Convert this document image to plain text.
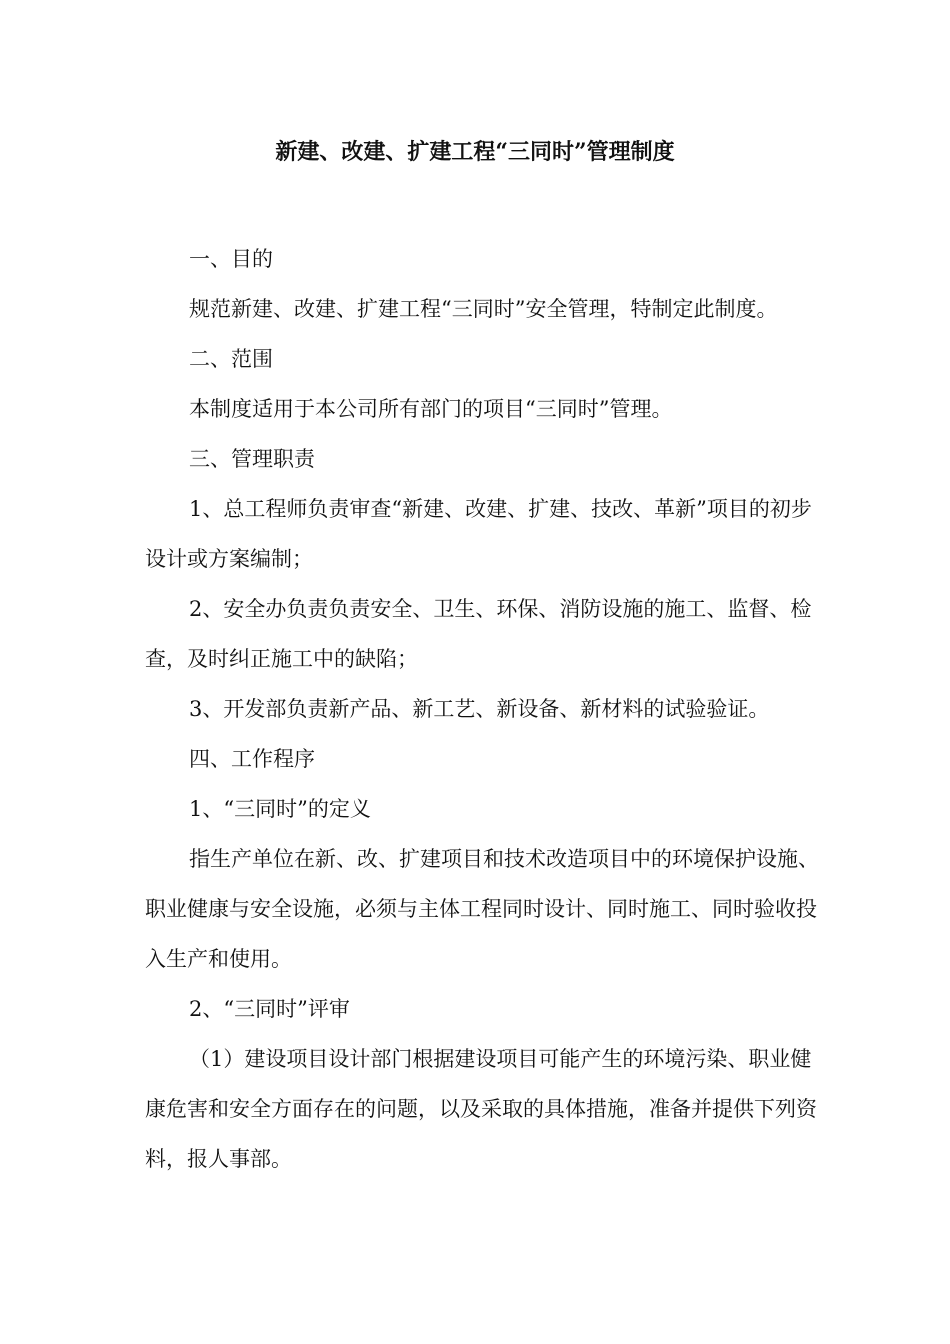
新建、改建、扩建工程“三同时”管理制度

一、目的

规范新建、改建、扩建工程“三同时”安全管理，特制定此制度。

二、范围

本制度适用于本公司所有部门的项目“三同时”管理。

三、管理职责

1、总工程师负责审查“新建、改建、扩建、技改、革新”项目的初步设计或方案编制；

2、安全办负责负责安全、卫生、环保、消防设施的施工、监督、检查，及时纠正施工中的缺陷；

3、开发部负责新产品、新工艺、新设备、新材料的试验验证。

四、工作程序

1、“三同时”的定义

指生产单位在新、改、扩建项目和技术改造项目中的环境保护设施、职业健康与安全设施，必须与主体工程同时设计、同时施工、同时验收投入生产和使用。

2、“三同时”评审

（1）建设项目设计部门根据建设项目可能产生的环境污染、职业健康危害和安全方面存在的问题，以及采取的具体措施，准备并提供下列资料，报人事部。
